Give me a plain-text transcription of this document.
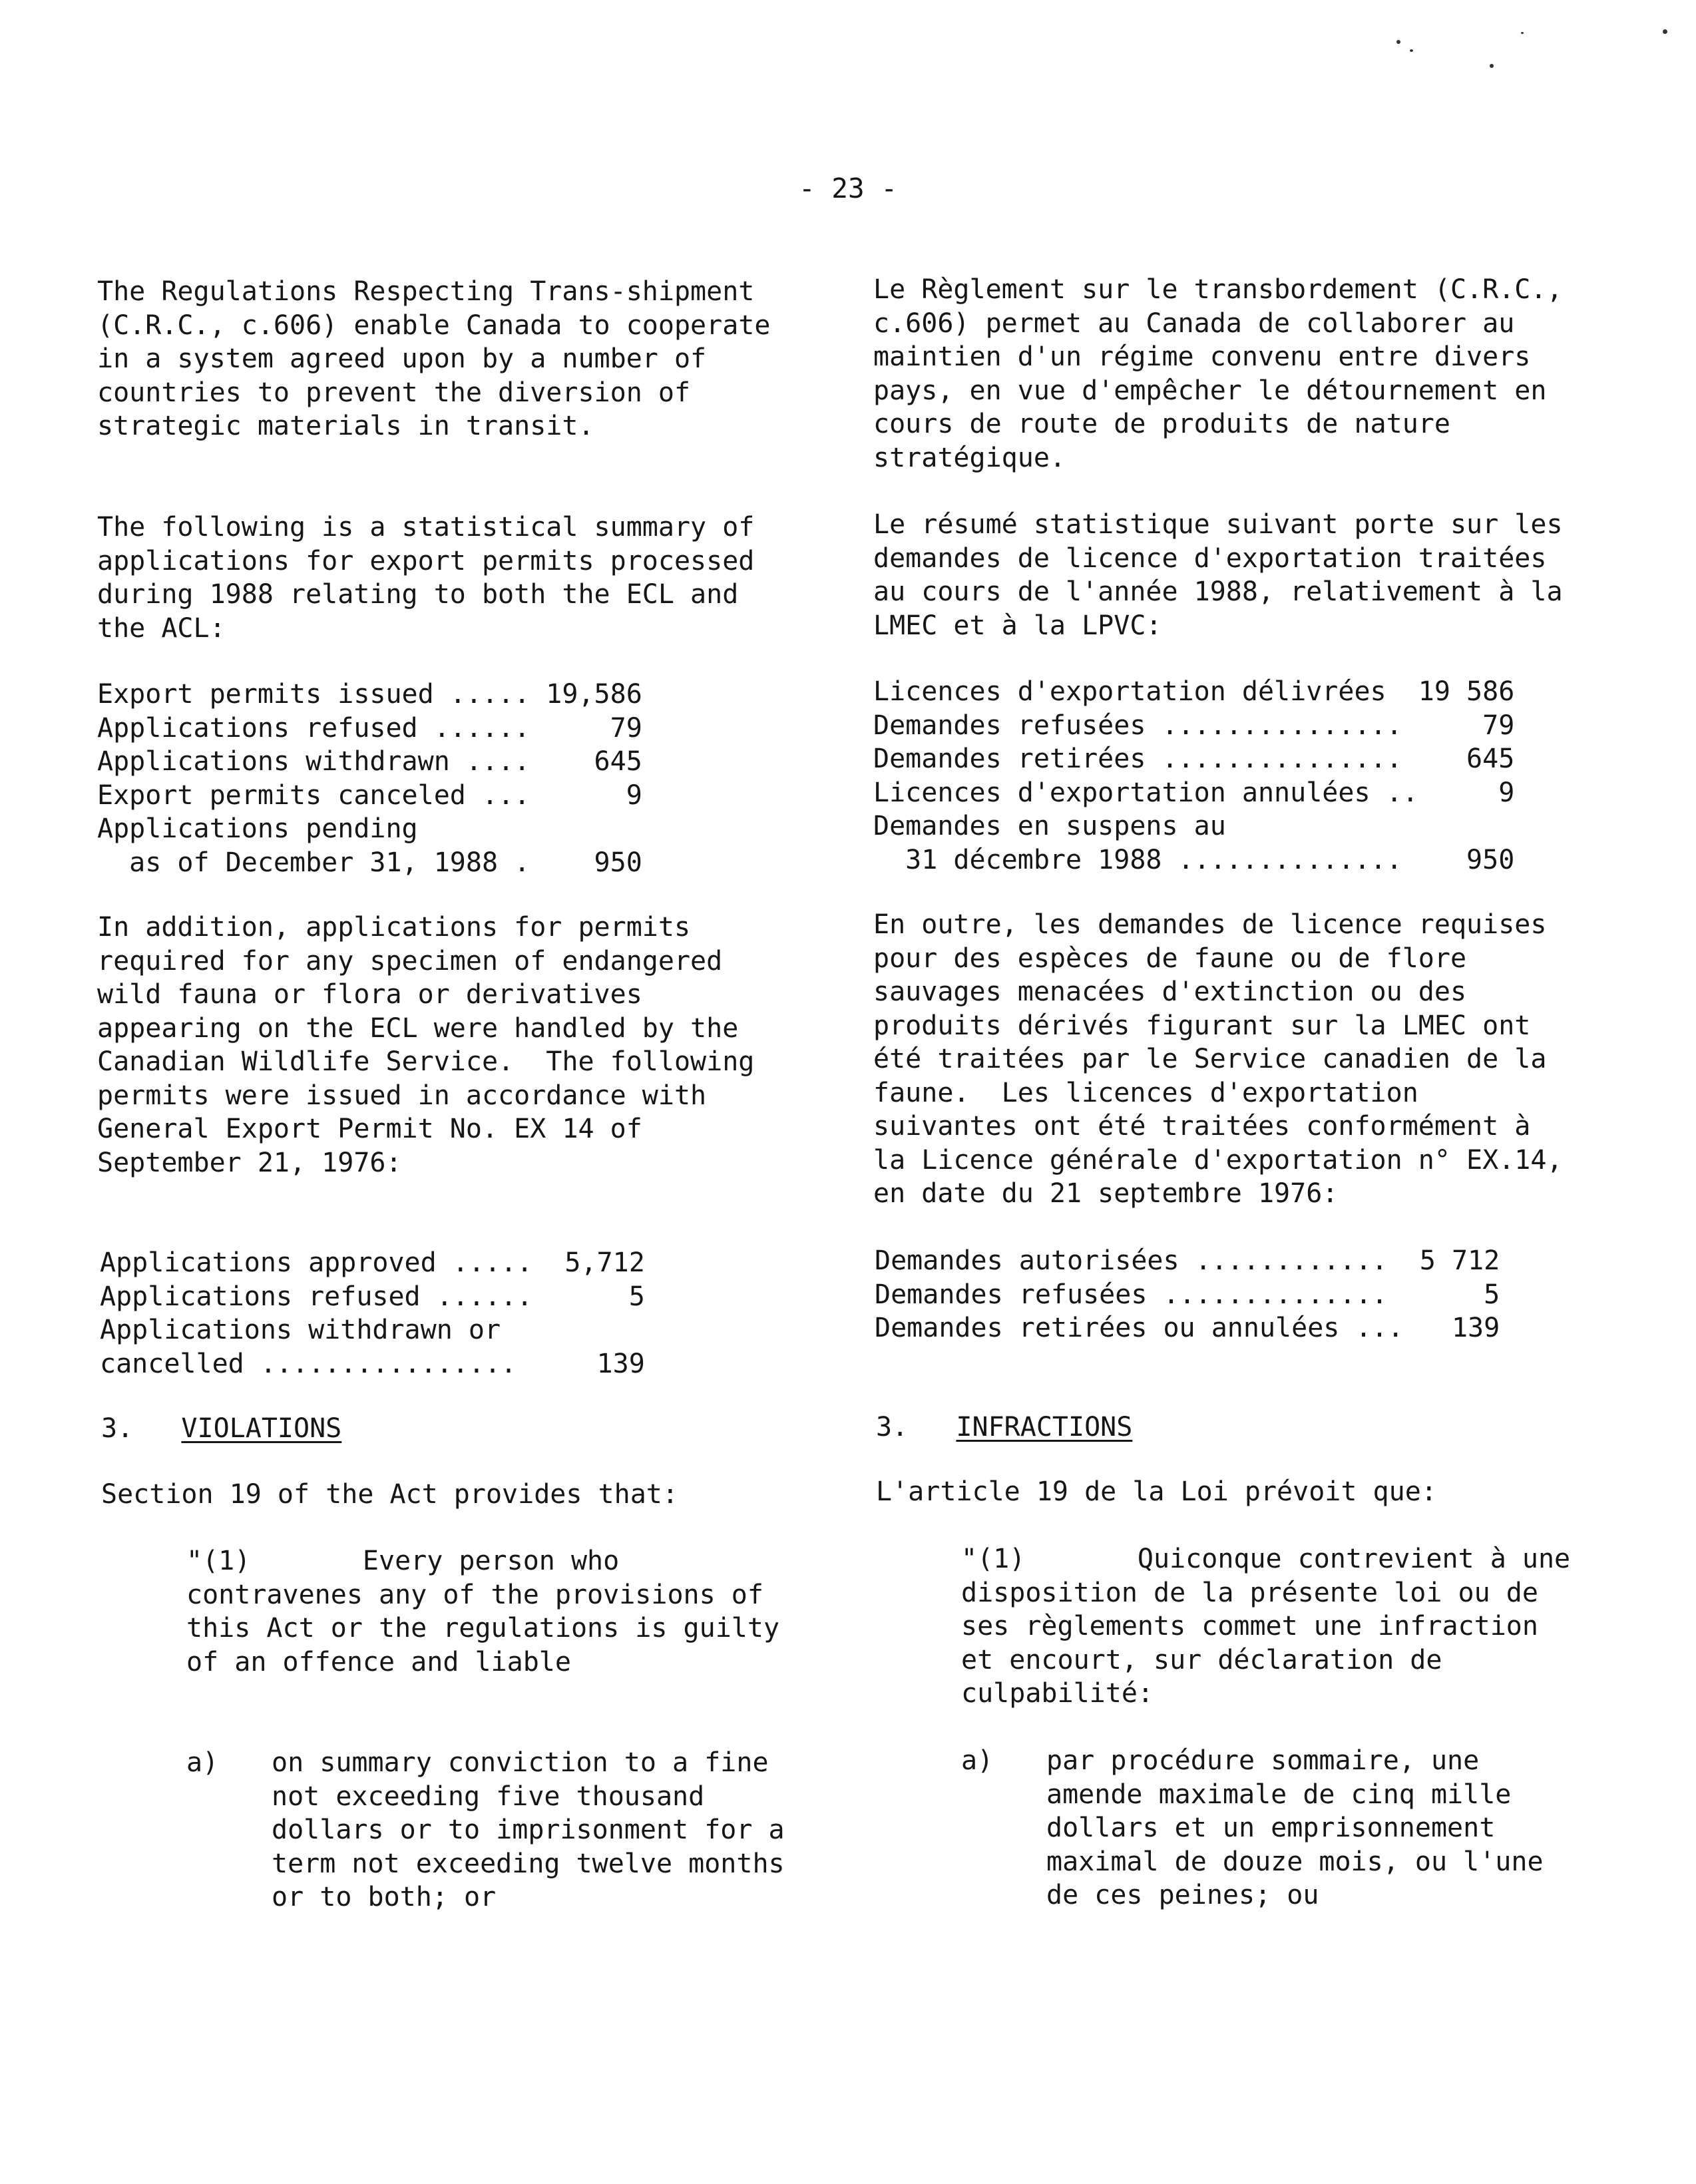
- 23 -
The Regulations Respecting Trans-shipment
(C.R.C., c.606) enable Canada to cooperate
in a system agreed upon by a number of
countries to prevent the diversion of
strategic materials in transit.
The following is a statistical summary of
applications for export permits processed
during 1988 relating to both the ECL and
the ACL:
Export permits issued ..... 19,586
Applications refused ......     79
Applications withdrawn ....    645
Export permits canceled ...      9
Applications pending
as of December 31, 1988 .    950
In addition, applications for permits
required for any specimen of endangered
wild fauna or flora or derivatives
appearing on the ECL were handled by the
Canadian Wildlife Service.  The following
permits were issued in accordance with
General Export Permit No. EX 14 of
September 21, 1976:
Applications approved .....  5,712
Applications refused ......      5
Applications withdrawn or
cancelled ................     139
3. VIOLATIONS
Section 19 of the Act provides that:
"(1)       Every person who
contravenes any of the provisions of
this Act or the regulations is guilty
of an offence and liable
a) on summary conviction to a fine
not exceeding five thousand
dollars or to imprisonment for a
term not exceeding twelve months
or to both; or
Le Règlement sur le transbordement (C.R.C.,
c.606) permet au Canada de collaborer au
maintien d'un régime convenu entre divers
pays, en vue d'empêcher le détournement en
cours de route de produits de nature
stratégique.
Le résumé statistique suivant porte sur les
demandes de licence d'exportation traitées
au cours de l'année 1988, relativement à la
LMEC et à la LPVC:
Licences d'exportation délivrées  19 586
Demandes refusées ...............     79
Demandes retirées ...............    645
Licences d'exportation annulées ..     9
Demandes en suspens au
31 décembre 1988 ..............    950
En outre, les demandes de licence requises
pour des espèces de faune ou de flore
sauvages menacées d'extinction ou des
produits dérivés figurant sur la LMEC ont
été traitées par le Service canadien de la
faune.  Les licences d'exportation
suivantes ont été traitées conformément à
la Licence générale d'exportation n° EX.14,
en date du 21 septembre 1976:
Demandes autorisées ............  5 712
Demandes refusées ..............      5
Demandes retirées ou annulées ...   139
3. INFRACTIONS
L'article 19 de la Loi prévoit que:
"(1)       Quiconque contrevient à une
disposition de la présente loi ou de
ses règlements commet une infraction
et encourt, sur déclaration de
culpabilité:
a) par procédure sommaire, une
amende maximale de cinq mille
dollars et un emprisonnement
maximal de douze mois, ou l'une
de ces peines; ou
